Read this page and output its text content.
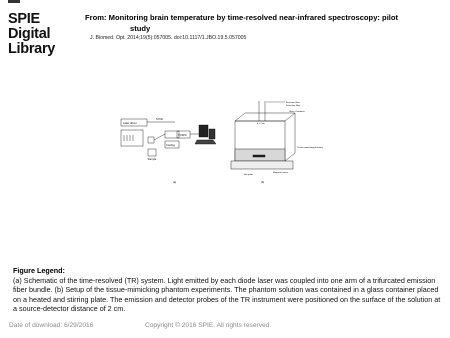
SPIE
Digital
Library
From: Monitoring brain temperature by time-resolved near-infrared spectroscopy: pilot
study
J. Biomed. Opt. 2014;19(5):057005. doi:10.1117/1.JBO.19.5.057005
Laser driver
SYNC
Sample
TCSPC
Cooling
(a)
d = 2 cm
Emission fiber
Detection fiber
Glass Container
Tissue-mimicking phantom
Magnetic stirrer
Hot plate
(b)
Figure Legend:
(a) Schematic of the time-resolved (TR) system. Light emitted by each diode laser was coupled into one arm of a trifurcated emission fiber bundle. (b) Setup of the tissue-mimicking phantom experiments. The phantom solution was contained in a glass container placed on a heated and stirring plate. The emission and detector probes of the TR instrument were positioned on the surface of the solution at a source-detector distance of 2 cm.
Date of download: 6/29/2016	Copyright © 2016 SPIE. All rights reserved.
